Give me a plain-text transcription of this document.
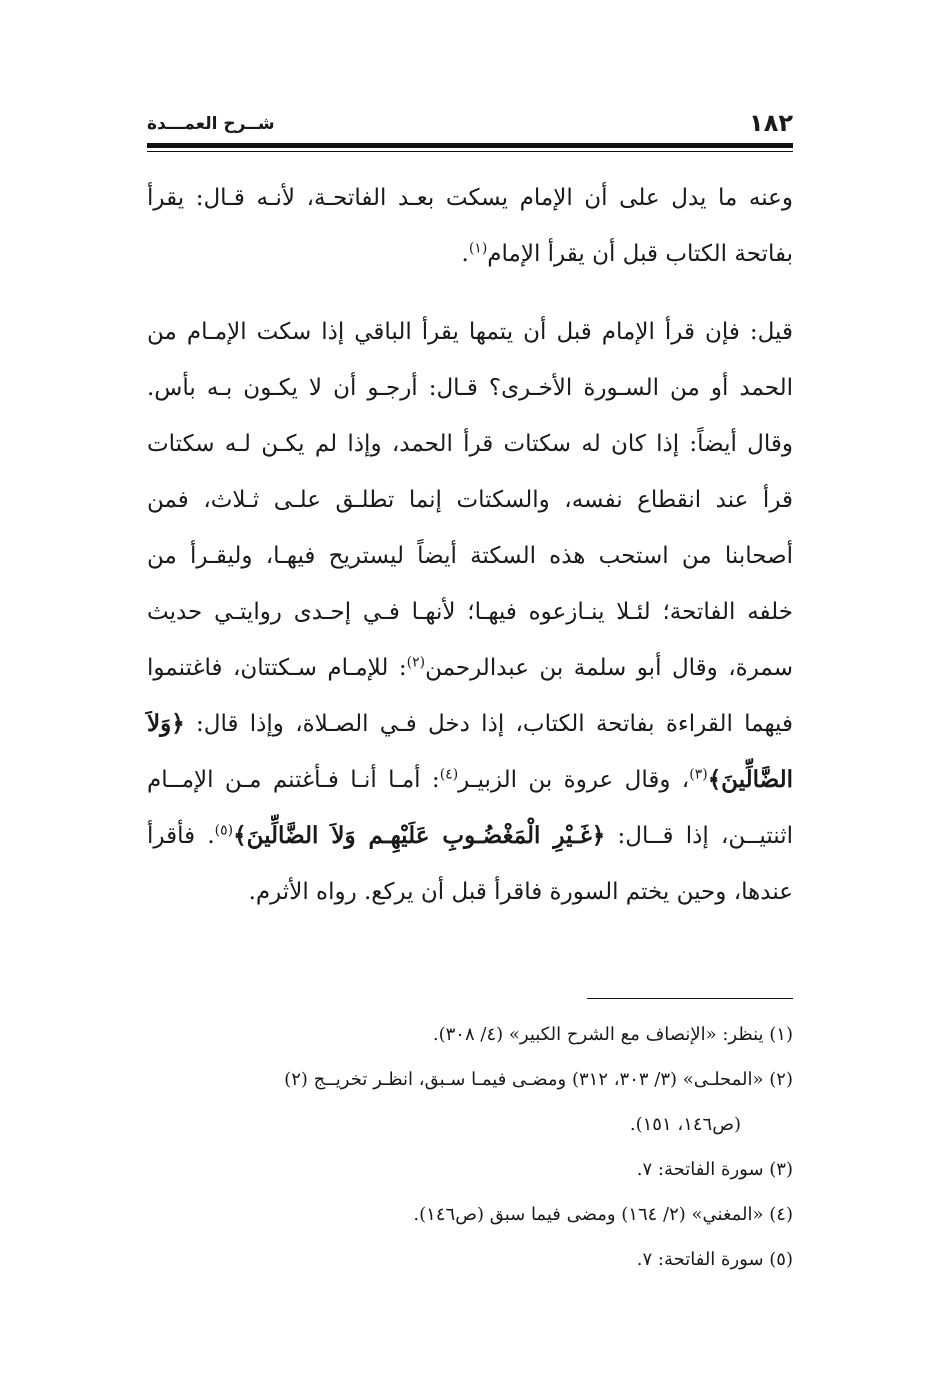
١٨٢
شــرح العمـــدة

وعنه ما يدل على أن الإمام يسكت بعـد الفاتحـة، لأنـه قـال: يقرأ بفاتحة الكتاب قبل أن يقرأ الإمام$^{(١)}$.

قيل: فإن قرأ الإمام قبل أن يتمها يقرأ الباقي إذا سكت الإمـام من الحمد أو من السـورة الأخـرى؟ قـال: أرجـو أن لا يكـون بـه بأس. وقال أيضاً: إذا كان له سكتات قرأ الحمد، وإذا لم يكـن لـه سكتات قرأ عند انقطاع نفسه، والسكتات إنما تطلـق علـى ثـلاث، فمن أصحابنا من استحب هذه السكتة أيضاً ليستريح فيهـا، وليقـرأ من خلفه الفاتحة؛ لئـلا ينـازعوه فيهـا؛ لأنهـا فـي إحـدى روايتـي حديث سمرة، وقال أبو سلمة بن عبدالرحمن$^{(٢)}$: للإمـام سـكتتان، فاغتنموا فيهما القراءة بفاتحة الكتاب، إذا دخل فـي الصـلاة، وإذا قال: ﴿وَلاَ الضَّالِّينَ﴾$^{(٣)}$، وقال عروة بن الزبيـر$^{(٤)}$: أمـا أنـا فـأغتنم مـن الإمــام اثنتيــن، إذا قــال: ﴿غَـيْرِ الْمَغْضُـوبِ عَلَيْهِـم وَلاَ الضَّالِّينَ﴾$^{(٥)}$. فأقرأ عندها، وحين يختم السورة فاقرأ قبل أن يركع. رواه الأثرم.

(١) ينظر: «الإنصاف مع الشرح الكبير» (٤/ ٣٠٨).

(٢) «المحلـى» (٣/ ٣٠٣، ٣١٢) ومضـى فيمـا سـبق، انظـر تخريــج (٢)
(ص١٤٦، ١٥١).

(٣) سورة الفاتحة: ٧.

(٤) «المغني» (٢/ ١٦٤) ومضى فيما سبق (ص١٤٦).

(٥) سورة الفاتحة: ٧.
